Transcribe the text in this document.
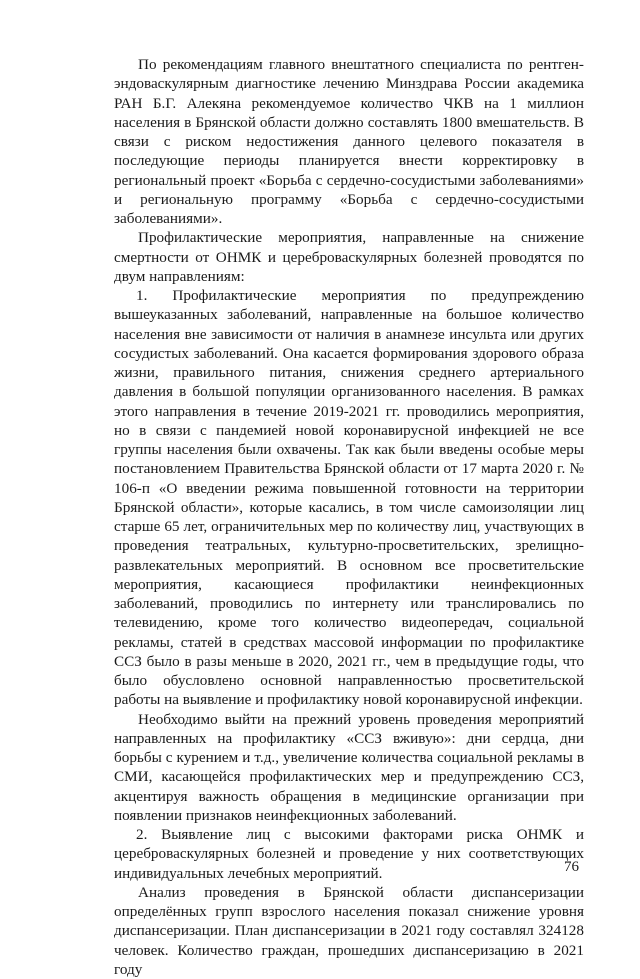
По рекомендациям главного внештатного специалиста по рентген-эндоваскулярным диагностике лечению Минздрава России академика РАН Б.Г. Алекяна рекомендуемое количество ЧКВ на 1 миллион населения в Брянской области должно составлять 1800 вмешательств. В связи с риском недостижения данного целевого показателя в последующие периоды планируется внести корректировку в региональный проект «Борьба с сердечно-сосудистыми заболеваниями» и региональную программу «Борьба с сердечно-сосудистыми заболеваниями».

Профилактические мероприятия, направленные на снижение смертности от ОНМК и цереброваскулярных болезней проводятся по двум направлениям:

1. Профилактические мероприятия по предупреждению вышеуказанных заболеваний, направленные на большое количество населения вне зависимости от наличия в анамнезе инсульта или других сосудистых заболеваний. Она касается формирования здорового образа жизни, правильного питания, снижения среднего артериального давления в большой популяции организованного населения. В рамках этого направления в течение 2019-2021 гг. проводились мероприятия, но в связи с пандемией новой коронавирусной инфекцией не все группы населения были охвачены. Так как были введены особые меры постановлением Правительства Брянской области от 17 марта 2020 г. № 106-п «О введении режима повышенной готовности на территории Брянской области», которые касались, в том числе самоизоляции лиц старше 65 лет, ограничительных мер по количеству лиц, участвующих в проведения театральных, культурно-просветительских, зрелищно-развлекательных мероприятий. В основном все просветительские мероприятия, касающиеся профилактики неинфекционных заболеваний, проводились по интернету или транслировались по телевидению, кроме того количество видеопередач, социальной рекламы, статей в средствах массовой информации по профилактике ССЗ было в разы меньше в 2020, 2021 гг., чем в предыдущие годы, что было обусловлено основной направленностью просветительской работы на выявление и профилактику новой коронавирусной инфекции.

Необходимо выйти на прежний уровень проведения мероприятий направленных на профилактику «ССЗ вживую»: дни сердца, дни борьбы с курением и т.д., увеличение количества социальной рекламы в СМИ, касающейся профилактических мер и предупреждению ССЗ, акцентируя важность обращения в медицинские организации при появлении признаков неинфекционных заболеваний.

2. Выявление лиц с высокими факторами риска ОНМК и цереброваскулярных болезней и проведение у них соответствующих индивидуальных лечебных мероприятий.

Анализ проведения в Брянской области диспансеризации определённых групп взрослого населения показал снижение уровня диспансеризации. План диспансеризации в 2021 году составлял 324128 человек. Количество граждан, прошедших диспансеризацию в 2021 году

76
